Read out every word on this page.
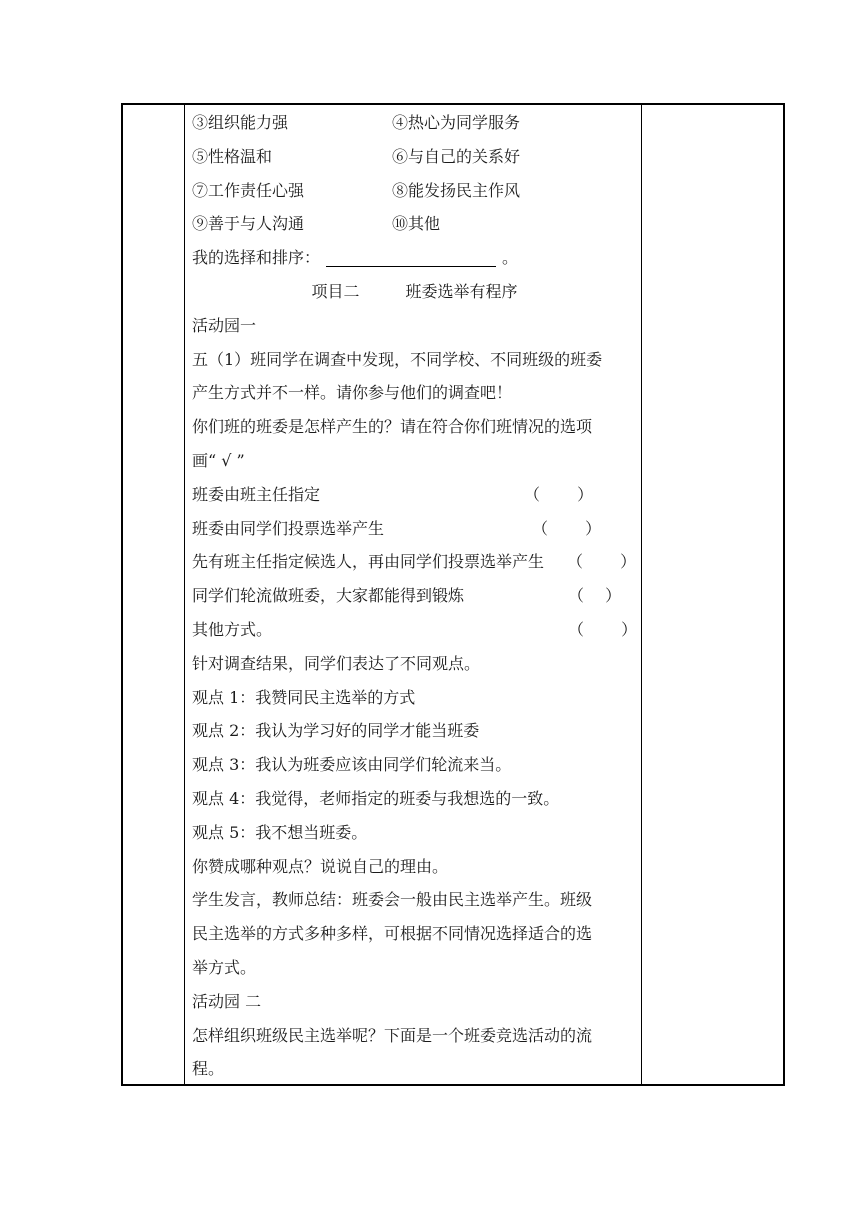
③组织能力强	④热心为同学服务
⑤性格温和	⑥与自己的关系好
⑦工作责任心强	⑧能发扬民主作风
⑨善于与人沟通	⑩其他
我的选择和排序：	。
项目二	班委选举有程序
活动园一
五（1）班同学在调查中发现，不同学校、不同班级的班委
产生方式并不一样。请你参与他们的调查吧！
你们班的班委是怎样产生的？请在符合你们班情况的选项
画“ √ ”
班委由班主任指定	（　　 ）
班委由同学们投票选举产生	（　　 ）
先有班主任指定候选人，再由同学们投票选举产生 （　　 ）
同学们轮流做班委，大家都能得到锻炼	（　 ）
其他方式。	（　　 ）
针对调查结果，同学们表达了不同观点。
观点 1：我赞同民主选举的方式
观点 2：我认为学习好的同学才能当班委
观点 3：我认为班委应该由同学们轮流来当。
观点 4：我觉得，老师指定的班委与我想选的一致。
观点 5：我不想当班委。
你赞成哪种观点？说说自己的理由。
学生发言，教师总结：班委会一般由民主选举产生。班级
民主选举的方式多种多样，可根据不同情况选择适合的选
举方式。
活动园 二
怎样组织班级民主选举呢？下面是一个班委竞选活动的流
程。
